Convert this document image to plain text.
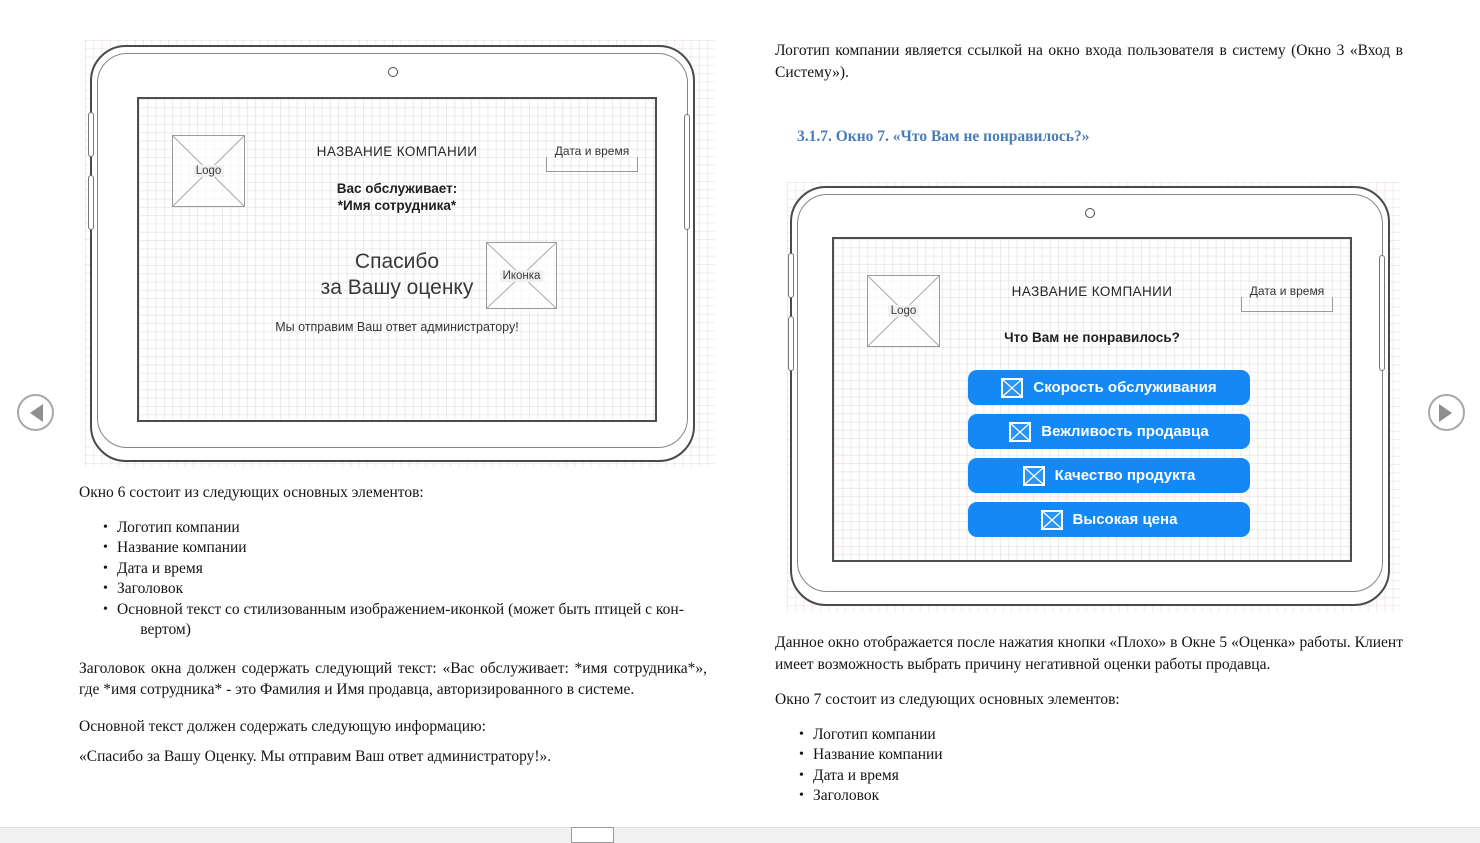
Logo
НАЗВАНИЕ КОМПАНИИ	Дата и время
Вас обслуживает:
*Имя сотрудника*
Спасибо
за Вашу оценку
Иконка
Мы отправим Ваш ответ администратору!

Окно 6 состоит из следующих основных элементов:

• Логотип компании
• Название компании
• Дата и время
• Заголовок
• Основной текст со стилизованным изображением-иконкой (может быть птицей с кон-
вертом)

Заголовок окна должен содержать следующий текст: «Вас обслуживает: *имя сотрудника*», где *имя сотрудника* - это Фамилия и Имя продавца, авторизированного в системе.

Основной текст должен содержать следующую информацию:

«Спасибо за Вашу Оценку. Мы отправим Ваш ответ администратору!».

Логотип компании является ссылкой на окно входа пользователя в систему (Окно 3 «Вход в Систему»).

3.1.7. Окно 7. «Что Вам не понравилось?»
Logo
НАЗВАНИЕ КОМПАНИИ	Дата и время
Что Вам не понравилось?
Скорость обслуживания
Вежливость продавца
Качество продукта
Высокая цена

Данное окно отображается после нажатия кнопки «Плохо» в Окне 5 «Оценка» работы. Клиент имеет возможность выбрать причину негативной оценки работы продавца.

Окно 7 состоит из следующих основных элементов:

• Логотип компании
• Название компании
• Дата и время
• Заголовок
